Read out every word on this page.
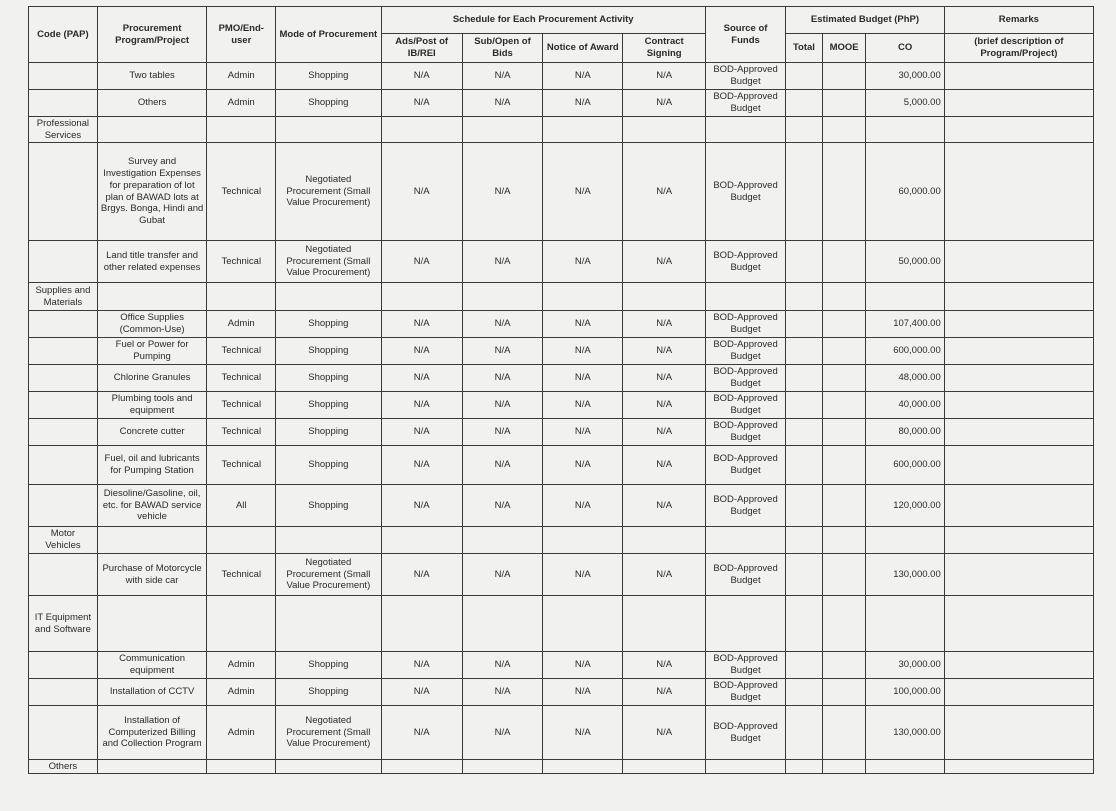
Code (PAP)	Procurement Program/Project	PMO/End-user	Mode of Procurement	Schedule for Each Procurement Activity				Source of Funds	Estimated Budget (PhP)			Remarks
				Ads/Post of IB/REI	Sub/Open of Bids	Notice of Award	Contract Signing		Total	MOOE	CO	(brief description of Program/Project)
	Two tables	Admin	Shopping	N/A	N/A	N/A	N/A	BOD-Approved Budget			30,000.00	
	Others	Admin	Shopping	N/A	N/A	N/A	N/A	BOD-Approved Budget			5,000.00	
Professional Services												
	Survey and Investigation Expenses for preparation of lot plan of BAWAD lots at Brgys. Bonga, Hindi and Gubat	Technical	Negotiated Procurement (Small Value Procurement)	N/A	N/A	N/A	N/A	BOD-Approved Budget			60,000.00	
	Land title transfer and other related expenses	Technical	Negotiated Procurement (Small Value Procurement)	N/A	N/A	N/A	N/A	BOD-Approved Budget			50,000.00	
Supplies and Materials												
	Office Supplies (Common-Use)	Admin	Shopping	N/A	N/A	N/A	N/A	BOD-Approved Budget			107,400.00	
	Fuel or Power for Pumping	Technical	Shopping	N/A	N/A	N/A	N/A	BOD-Approved Budget			600,000.00	
	Chlorine Granules	Technical	Shopping	N/A	N/A	N/A	N/A	BOD-Approved Budget			48,000.00	
	Plumbing tools and equipment	Technical	Shopping	N/A	N/A	N/A	N/A	BOD-Approved Budget			40,000.00	
	Concrete cutter	Technical	Shopping	N/A	N/A	N/A	N/A	BOD-Approved Budget			80,000.00	
	Fuel, oil and lubricants for Pumping Station	Technical	Shopping	N/A	N/A	N/A	N/A	BOD-Approved Budget			600,000.00	
	Diesoline/Gasoline, oil, etc. for BAWAD service vehicle	All	Shopping	N/A	N/A	N/A	N/A	BOD-Approved Budget			120,000.00	
Motor Vehicles												
	Purchase of Motorcycle with side car	Technical	Negotiated Procurement (Small Value Procurement)	N/A	N/A	N/A	N/A	BOD-Approved Budget			130,000.00	
IT Equipment and Software												
	Communication equipment	Admin	Shopping	N/A	N/A	N/A	N/A	BOD-Approved Budget			30,000.00	
	Installation of CCTV	Admin	Shopping	N/A	N/A	N/A	N/A	BOD-Approved Budget			100,000.00	
	Installation of Computerized Billing and Collection Program	Admin	Negotiated Procurement (Small Value Procurement)	N/A	N/A	N/A	N/A	BOD-Approved Budget			130,000.00	
Others												
